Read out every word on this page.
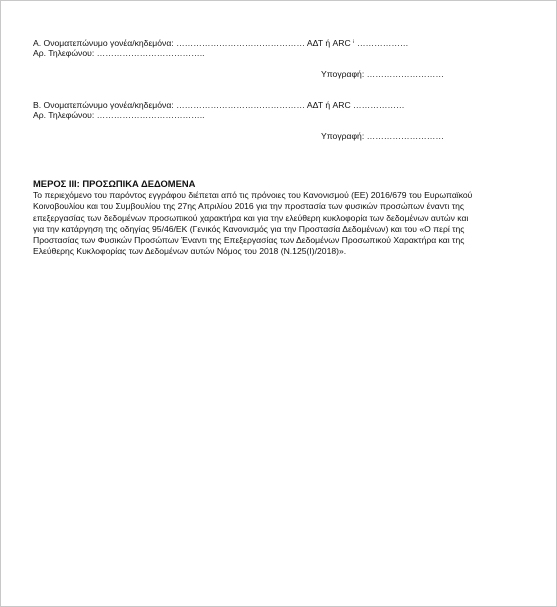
Α. Ονοματεπώνυμο γονέα/κηδεμόνα: ……………………………………… ΑΔΤ ή ARC ⁱ ………………
Αρ. Τηλεφώνου: ………………………………..
Υπογραφή: ………………………
Β. Ονοματεπώνυμο γονέα/κηδεμόνα: ……………………………………… ΑΔΤ ή ARC ………………
Αρ. Τηλεφώνου: ………………………………..
Υπογραφή: ………………………
ΜΕΡΟΣ ΙΙΙ: ΠΡΟΣΩΠΙΚΑ ΔΕΔΟΜΕΝΑ
Το περιεχόμενο του παρόντος εγγράφου διέπεται από τις πρόνοιες του Κανονισμού (ΕΕ) 2016/679 του Ευρωπαϊκού
Κοινοβουλίου και του Συμβουλίου της 27ης Απριλίου 2016 για την προστασία των φυσικών προσώπων έναντι της
επεξεργασίας των δεδομένων προσωπικού χαρακτήρα και για την ελεύθερη κυκλοφορία των δεδομένων αυτών και
για την κατάργηση της οδηγίας 95/46/ΕΚ (Γενικός Κανονισμός για την Προστασία Δεδομένων) και του «Ο περί της
Προστασίας των Φυσικών Προσώπων Έναντι της Επεξεργασίας των Δεδομένων Προσωπικού Χαρακτήρα και της
Ελεύθερης Κυκλοφορίας των Δεδομένων αυτών Νόμος του 2018 (Ν.125(Ι)/2018)».
